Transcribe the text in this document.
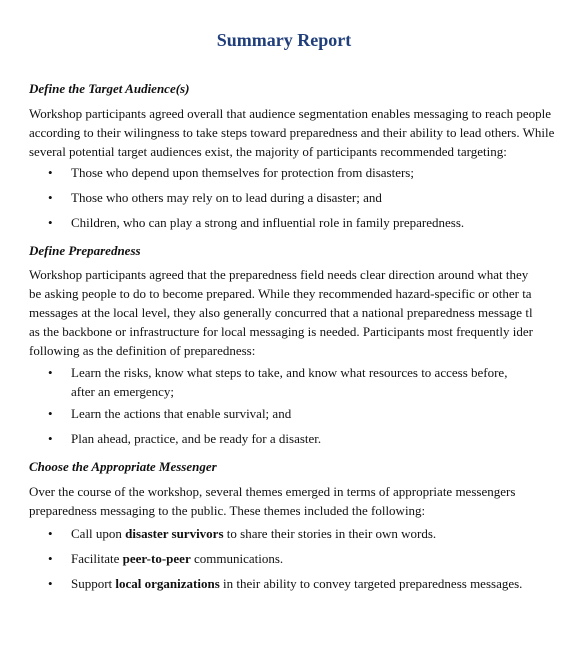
Summary Report
Define the Target Audience(s)
Workshop participants agreed overall that audience segmentation enables messaging to reach people
according to their wilingness to take steps toward preparedness and their ability to lead others. While
several potential target audiences exist, the majority of participants recommended targeting:
• Those who depend upon themselves for protection from disasters;
• Those who others may rely on to lead during a disaster; and
• Children, who can play a strong and influential role in family preparedness.
Define Preparedness
Workshop participants agreed that the preparedness field needs clear direction around what they
be asking people to do to become prepared. While they recommended hazard-specific or other ta
messages at the local level, they also generally concurred that a national preparedness message tl
as the backbone or infrastructure for local messaging is needed. Participants most frequently ider
following as the definition of preparedness:
• Learn the risks, know what steps to take, and know what resources to access before,
after an emergency;
• Learn the actions that enable survival; and
• Plan ahead, practice, and be ready for a disaster.
Choose the Appropriate Messenger
Over the course of the workshop, several themes emerged in terms of appropriate messengers
preparedness messaging to the public. These themes included the following:
• Call upon disaster survivors to share their stories in their own words.
• Facilitate peer-to-peer communications.
• Support local organizations in their ability to convey targeted preparedness messages.
